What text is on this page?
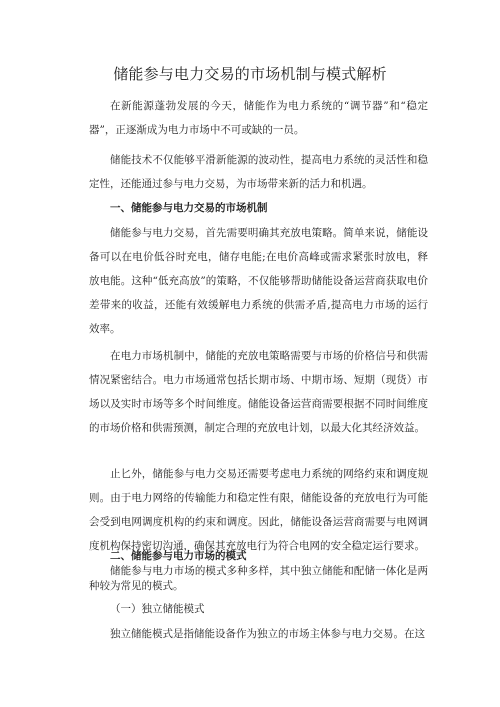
储能参与电力交易的市场机制与模式解析

在新能源蓬勃发展的今天，储能作为电力系统的“调节器”和“稳定器”，正逐渐成为电力市场中不可或缺的一员。

储能技术不仅能够平滑新能源的波动性，提高电力系统的灵活性和稳定性，还能通过参与电力交易，为市场带来新的活力和机遇。

一、储能参与电力交易的市场机制

储能参与电力交易，首先需要明确其充放电策略。简单来说，储能设备可以在电价低谷时充电，储存电能;在电价高峰或需求紧张时放电，释放电能。这种“低充高放”的策略，不仅能够帮助储能设备运营商获取电价差带来的收益，还能有效缓解电力系统的供需矛盾,提高电力市场的运行效率。

在电力市场机制中，储能的充放电策略需要与市场的价格信号和供需情况紧密结合。电力市场通常包括长期市场、中期市场、短期（现货）市场以及实时市场等多个时间维度。储能设备运营商需要根据不同时间维度的市场价格和供需预测，制定合理的充放电计划，以最大化其经济效益。

止匕外，储能参与电力交易还需要考虑电力系统的网络约束和调度规则。由于电力网络的传输能力和稳定性有限，储能设备的充放电行为可能会受到电网调度机构的约束和调度。因此，储能设备运营商需要与电网调度机构保持密切沟通，确保其充放电行为符合电网的安全稳定运行要求。

二、储能参与电力市场的模式

储能参与电力市场的模式多种多样，其中独立储能和配储一体化是两种较为常见的模式。

（一）独立储能模式

独立储能模式是指储能设备作为独立的市场主体参与电力交易。在这
